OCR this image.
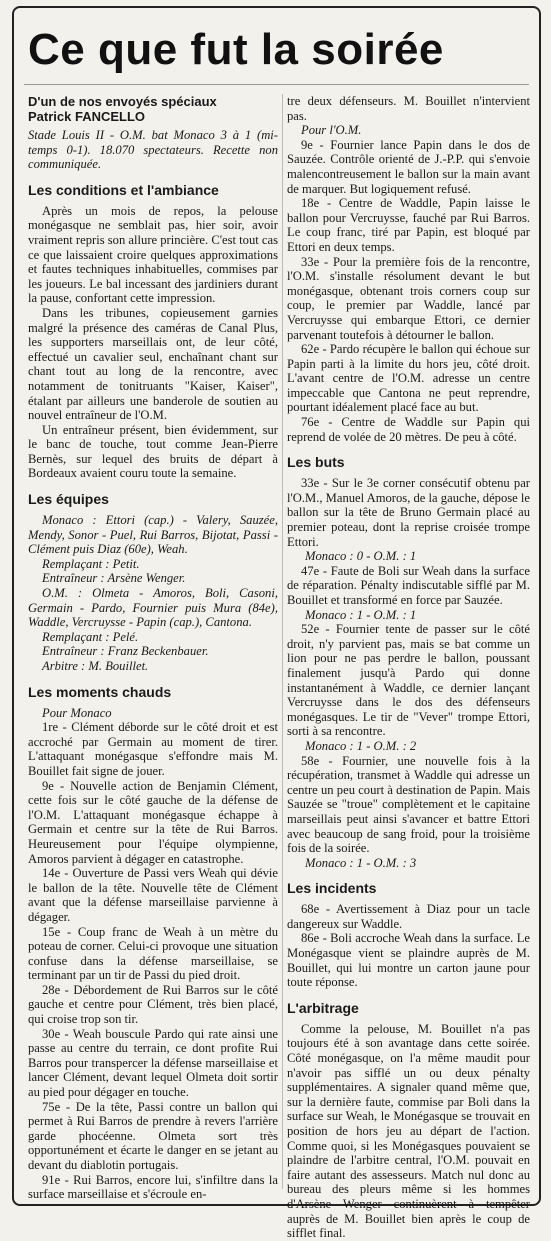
Ce que fut la soirée
D'un de nos envoyés spéciaux
Patrick FANCELLO

Stade Louis II - O.M. bat Monaco 3 à 1 (mi-temps 0-1). 18.070 spectateurs. Recette non communiquée.

Les conditions et l'ambiance

Après un mois de repos, la pelouse monégasque ne semblait pas, hier soir, avoir vraiment repris son allure princière. C'est tout cas ce que laissaient croire quelques approximations et fautes techniques inhabituelles, commises par les joueurs. Le bal incessant des jardiniers durant la pause, confortant cette impression.

Dans les tribunes, copieusement garnies malgré la présence des caméras de Canal Plus, les supporters marseillais ont, de leur côté, effectué un cavalier seul, enchaînant chant sur chant tout au long de la rencontre, avec notamment de tonitruants "Kaiser, Kaiser", étalant par ailleurs une banderole de soutien au nouvel entraîneur de l'O.M.

Un entraîneur présent, bien évidemment, sur le banc de touche, tout comme Jean-Pierre Bernès, sur lequel des bruits de départ à Bordeaux avaient couru toute la semaine.

Les équipes

Monaco : Ettori (cap.) - Valery, Sauzée, Mendy, Sonor - Puel, Rui Barros, Bijotat, Passi - Clément puis Diaz (60e), Weah.

Remplaçant : Petit.

Entraîneur : Arsène Wenger.

O.M. : Olmeta - Amoros, Boli, Casoni, Germain - Pardo, Fournier puis Mura (84e), Waddle, Vercruysse - Papin (cap.), Cantona.

Remplaçant : Pelé.

Entraîneur : Franz Beckenbauer.

Arbitre : M. Bouillet.

Les moments chauds

Pour Monaco

1re - Clément déborde sur le côté droit et est accroché par Germain au moment de tirer. L'attaquant monégasque s'effondre mais M. Bouillet fait signe de jouer.

9e - Nouvelle action de Benjamin Clément, cette fois sur le côté gauche de la défense de l'O.M. L'attaquant monégasque échappe à Germain et centre sur la tête de Rui Barros. Heureusement pour l'équipe olympienne, Amoros parvient à dégager en catastrophe.

14e - Ouverture de Passi vers Weah qui dévie le ballon de la tête. Nouvelle tête de Clément avant que la défense marseillaise parvienne à dégager.

15e - Coup franc de Weah à un mètre du poteau de corner. Celui-ci provoque une situation confuse dans la défense marseillaise, se terminant par un tir de Passi du pied droit.

28e - Débordement de Rui Barros sur le côté gauche et centre pour Clément, très bien placé, qui croise trop son tir.

30e - Weah bouscule Pardo qui rate ainsi une passe au centre du terrain, ce dont profite Rui Barros pour transpercer la défense marseillaise et lancer Clément, devant lequel Olmeta doit sortir au pied pour dégager en touche.

75e - De la tête, Passi contre un ballon qui permet à Rui Barros de prendre à revers l'arrière garde phocéenne. Olmeta sort très opportunément et écarte le danger en se jetant au devant du diablotin portugais.

91e - Rui Barros, encore lui, s'infiltre dans la surface marseillaise et s'écroule en-

tre deux défenseurs. M. Bouillet n'intervient pas.

Pour l'O.M.

9e - Fournier lance Papin dans le dos de Sauzée. Contrôle orienté de J.-P.P. qui s'envoie malencontreusement le ballon sur la main avant de marquer. But logiquement refusé.

18e - Centre de Waddle, Papin laisse le ballon pour Vercruysse, fauché par Rui Barros. Le coup franc, tiré par Papin, est bloqué par Ettori en deux temps.

33e - Pour la première fois de la rencontre, l'O.M. s'installe résolument devant le but monégasque, obtenant trois corners coup sur coup, le premier par Waddle, lancé par Vercruysse qui embarque Ettori, ce dernier parvenant toutefois à détourner le ballon.

62e - Pardo récupère le ballon qui échoue sur Papin parti à la limite du hors jeu, côté droit. L'avant centre de l'O.M. adresse un centre impeccable que Cantona ne peut reprendre, pourtant idéalement placé face au but.

76e - Centre de Waddle sur Papin qui reprend de volée de 20 mètres. De peu à côté.

Les buts

33e - Sur le 3e corner consécutif obtenu par l'O.M., Manuel Amoros, de la gauche, dépose le ballon sur la tête de Bruno Germain placé au premier poteau, dont la reprise croisée trompe Ettori.

Monaco : 0 - O.M. : 1

47e - Faute de Boli sur Weah dans la surface de réparation. Pénalty indiscutable sifflé par M. Bouillet et transformé en force par Sauzée.

Monaco : 1 - O.M. : 1

52e - Fournier tente de passer sur le côté droit, n'y parvient pas, mais se bat comme un lion pour ne pas perdre le ballon, poussant finalement jusqu'à Pardo qui donne instantanément à Waddle, ce dernier lançant Vercruysse dans le dos des défenseurs monégasques. Le tir de "Vever" trompe Ettori, sorti à sa rencontre.

Monaco : 1 - O.M. : 2

58e - Fournier, une nouvelle fois à la récupération, transmet à Waddle qui adresse un centre un peu court à destination de Papin. Mais Sauzée se "troue" complètement et le capitaine marseillais peut ainsi s'avancer et battre Ettori avec beaucoup de sang froid, pour la troisième fois de la soirée.

Monaco : 1 - O.M. : 3

Les incidents

68e - Avertissement à Diaz pour un tacle dangereux sur Waddle.

86e - Boli accroche Weah dans la surface. Le Monégasque vient se plaindre auprès de M. Bouillet, qui lui montre un carton jaune pour toute réponse.

L'arbitrage

Comme la pelouse, M. Bouillet n'a pas toujours été à son avantage dans cette soirée. Côté monégasque, on l'a même maudit pour n'avoir pas sifflé un ou deux pénalty supplémentaires. A signaler quand même que, sur la dernière faute, commise par Boli dans la surface sur Weah, le Monégasque se trouvait en position de hors jeu au départ de l'action. Comme quoi, si les Monégasques pouvaient se plaindre de l'arbitre central, l'O.M. pouvait en faire autant des assesseurs. Match nul donc au bureau des pleurs même si les hommes d'Arsène Wenger continuèrent à tempêter auprès de M. Bouillet bien après le coup de sifflet final.
